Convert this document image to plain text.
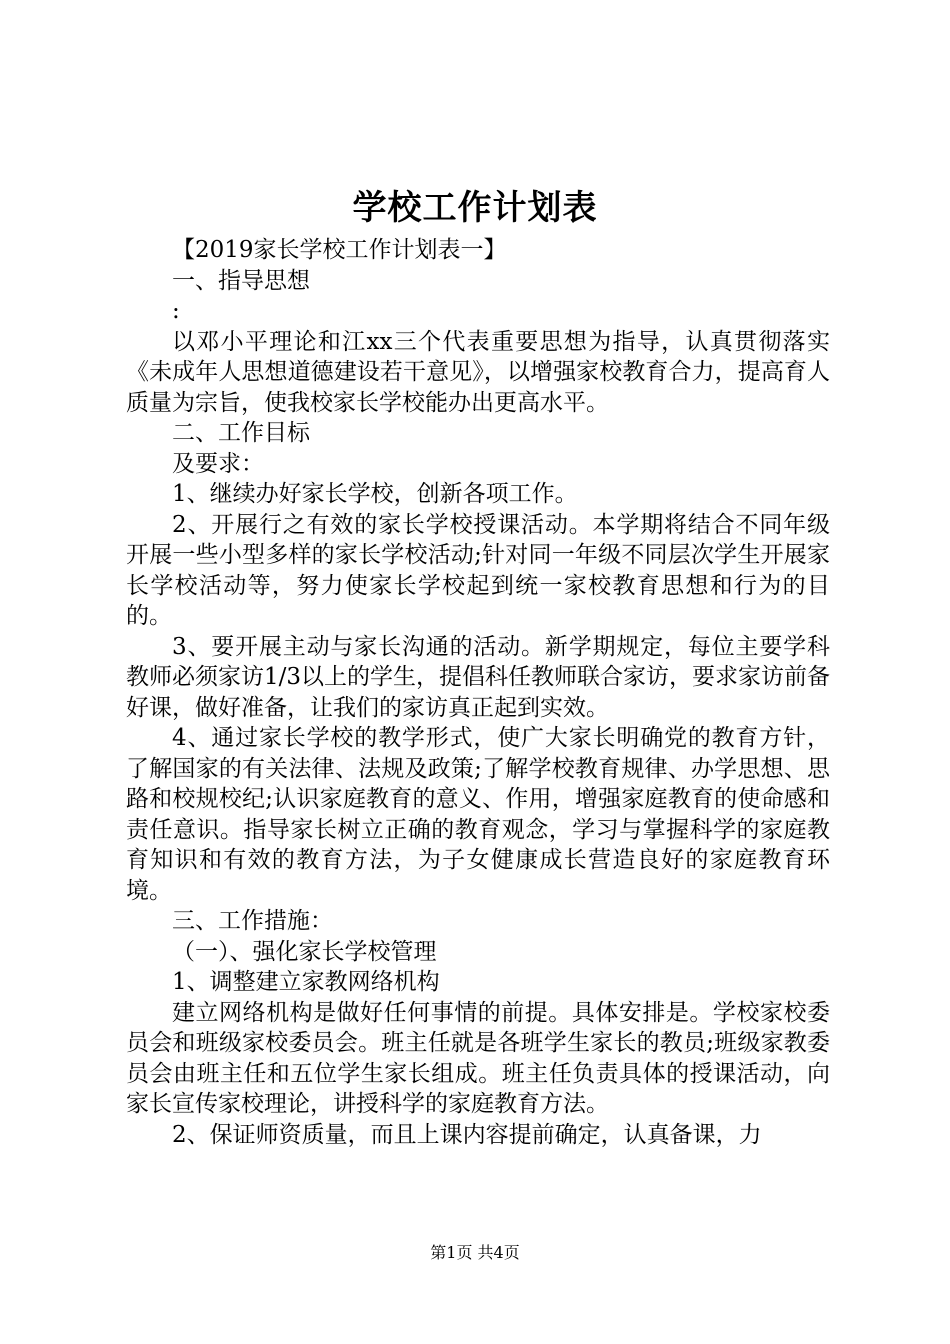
学校工作计划表

【2019家长学校工作计划表一】

一、指导思想

:

以邓小平理论和江xx三个代表重要思想为指导，认真贯彻落实《未成年人思想道德建设若干意见》，以增强家校教育合力，提高育人质量为宗旨，使我校家长学校能办出更高水平。

二、工作目标

及要求：

1、继续办好家长学校，创新各项工作。

2、开展行之有效的家长学校授课活动。本学期将结合不同年级开展一些小型多样的家长学校活动;针对同一年级不同层次学生开展家长学校活动等，努力使家长学校起到统一家校教育思想和行为的目的。

3、要开展主动与家长沟通的活动。新学期规定，每位主要学科教师必须家访1/3以上的学生，提倡科任教师联合家访，要求家访前备好课，做好准备，让我们的家访真正起到实效。

4、通过家长学校的教学形式，使广大家长明确党的教育方针，了解国家的有关法律、法规及政策;了解学校教育规律、办学思想、思路和校规校纪;认识家庭教育的意义、作用，增强家庭教育的使命感和责任意识。指导家长树立正确的教育观念，学习与掌握科学的家庭教育知识和有效的教育方法，为子女健康成长营造良好的家庭教育环境。

三、工作措施：

（一）、强化家长学校管理

1、调整建立家教网络机构

建立网络机构是做好任何事情的前提。具体安排是。学校家校委员会和班级家校委员会。班主任就是各班学生家长的教员;班级家教委员会由班主任和五位学生家长组成。班主任负责具体的授课活动，向家长宣传家校理论，讲授科学的家庭教育方法。

2、保证师资质量，而且上课内容提前确定，认真备课，力

第1页 共4页
